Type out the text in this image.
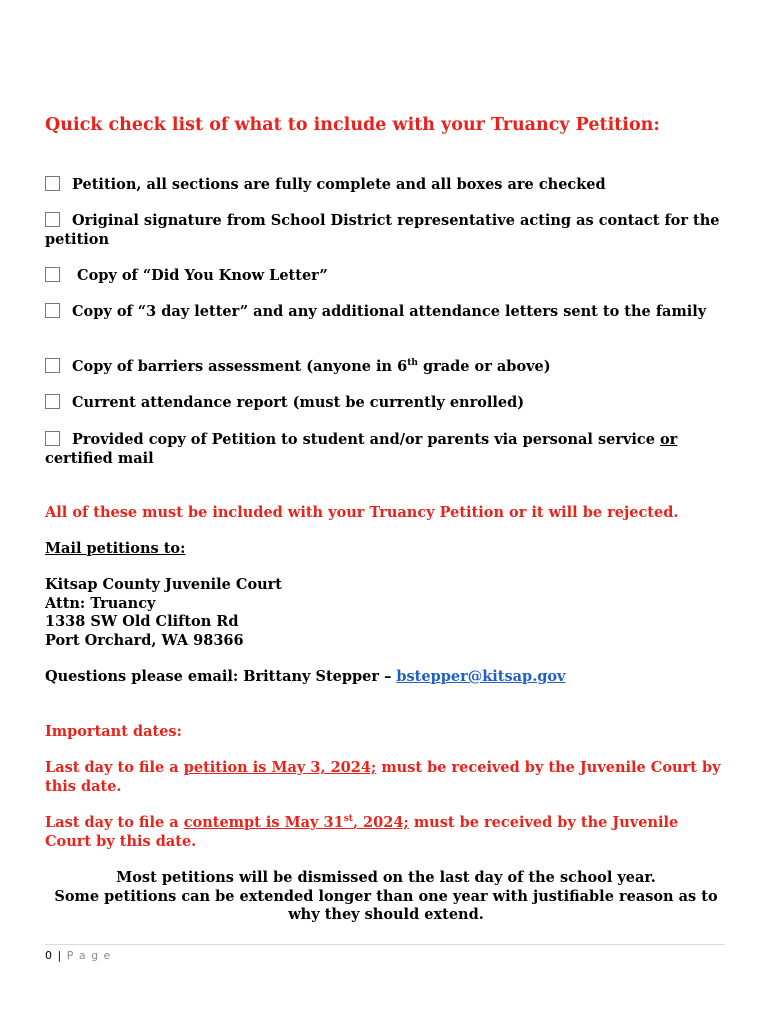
Quick check list of what to include with your Truancy Petition:
Petition, all sections are fully complete and all boxes are checked
Original signature from School District representative acting as contact for the petition
Copy of “Did You Know Letter”
Copy of “3 day letter” and any additional attendance letters sent to the family
Copy of barriers assessment (anyone in 6th grade or above)
Current attendance report (must be currently enrolled)
Provided copy of Petition to student and/or parents via personal service or certified mail
All of these must be included with your Truancy Petition or it will be rejected.
Mail petitions to:
Kitsap County Juvenile Court
Attn: Truancy
1338 SW Old Clifton Rd
Port Orchard, WA 98366
Questions please email: Brittany Stepper – bstepper@kitsap.gov
Important dates:
Last day to file a petition is May 3, 2024; must be received by the Juvenile Court by this date.
Last day to file a contempt is May 31st, 2024; must be received by the Juvenile Court by this date.
Most petitions will be dismissed on the last day of the school year.
Some petitions can be extended longer than one year with justifiable reason as to why they should extend.
0 | P a g e
